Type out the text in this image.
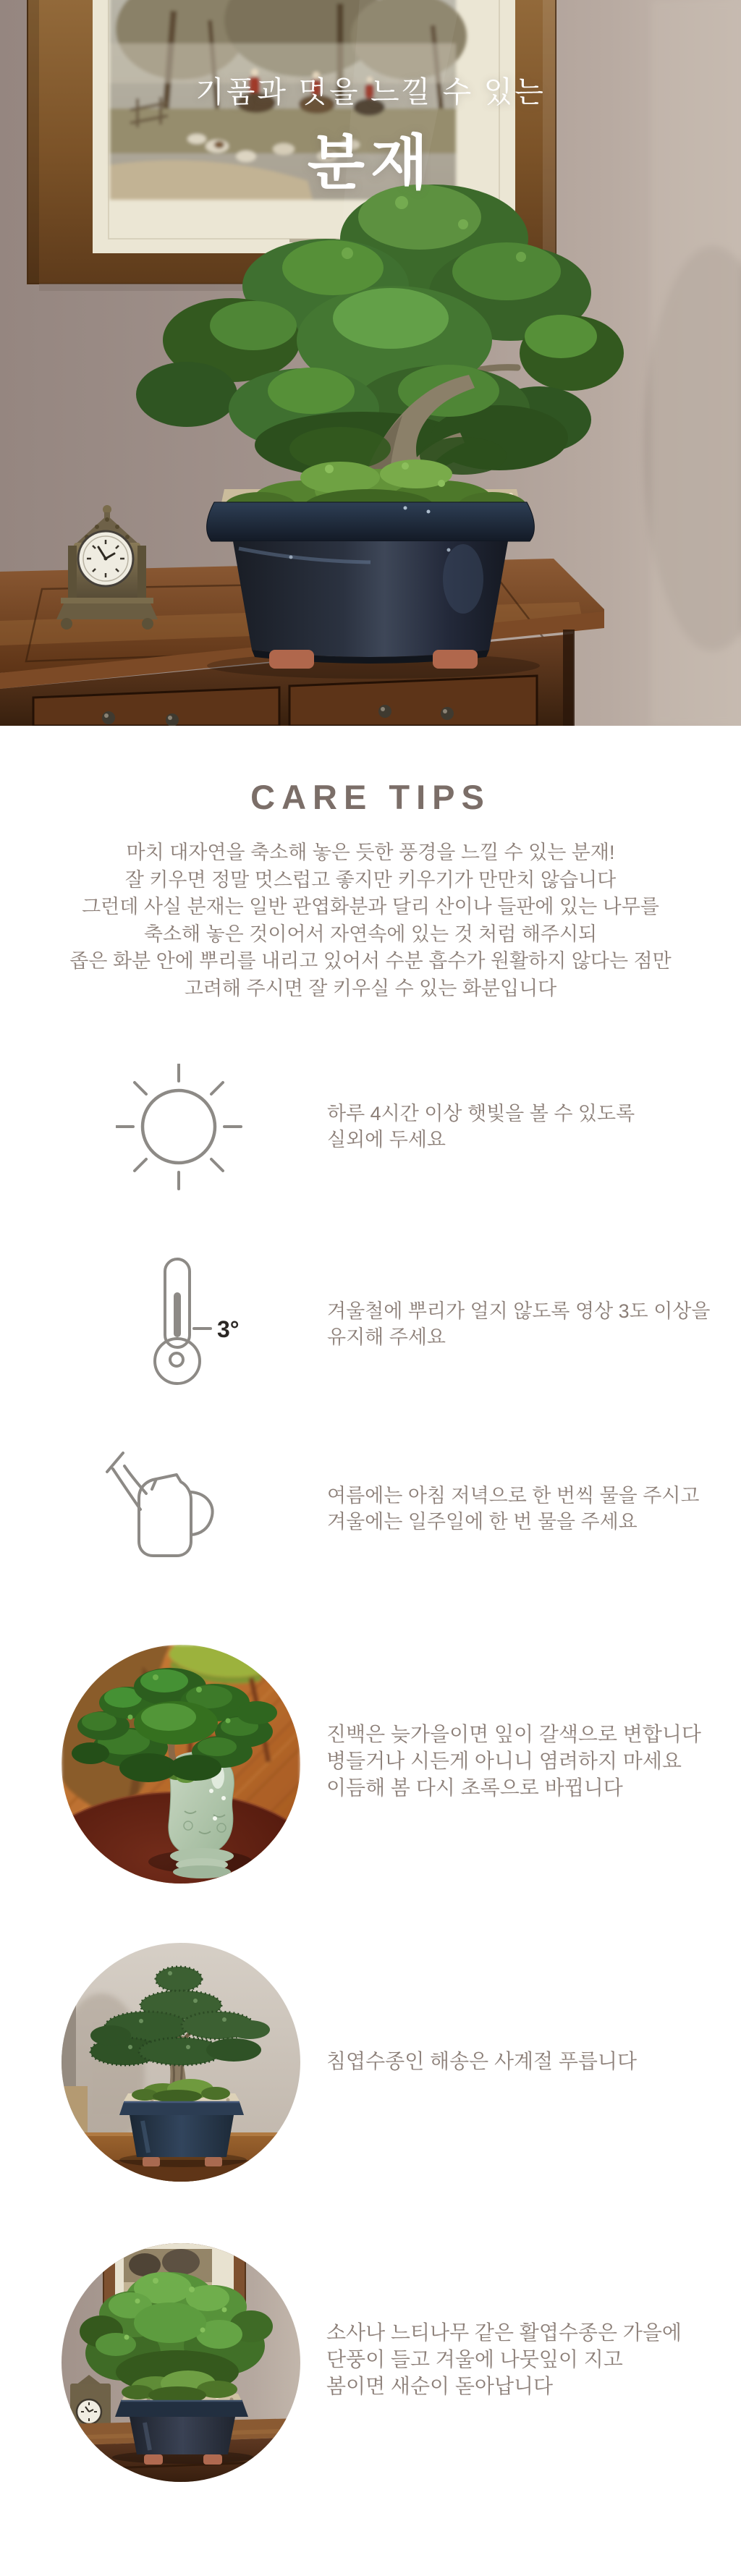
기품과 멋을 느낄 수 있는
분재
CARE TIPS
마치 대자연을 축소해 놓은 듯한 풍경을 느낄 수 있는 분재!
잘 키우면 정말 멋스럽고 좋지만 키우기가 만만치 않습니다
그런데 사실 분재는 일반 관엽화분과 달리 산이나 들판에 있는 나무를
축소해 놓은 것이어서 자연속에 있는 것 처럼 해주시되
좁은 화분 안에 뿌리를 내리고 있어서 수분 흡수가 원활하지 않다는 점만
고려해 주시면 잘 키우실 수 있는 화분입니다
하루 4시간 이상 햇빛을 볼 수 있도록
실외에 두세요
3°
겨울철에 뿌리가 얼지 않도록 영상 3도 이상을
유지해 주세요
여름에는 아침 저녁으로 한 번씩 물을 주시고
겨울에는 일주일에 한 번 물을 주세요
진백은 늦가을이면 잎이 갈색으로 변합니다
병들거나 시든게 아니니 염려하지 마세요
이듬해 봄 다시 초록으로 바뀝니다
침엽수종인 해송은 사계절 푸릅니다
소사나 느티나무 같은 활엽수종은 가을에
단풍이 들고 겨울에 나뭇잎이 지고
봄이면 새순이 돋아납니다
